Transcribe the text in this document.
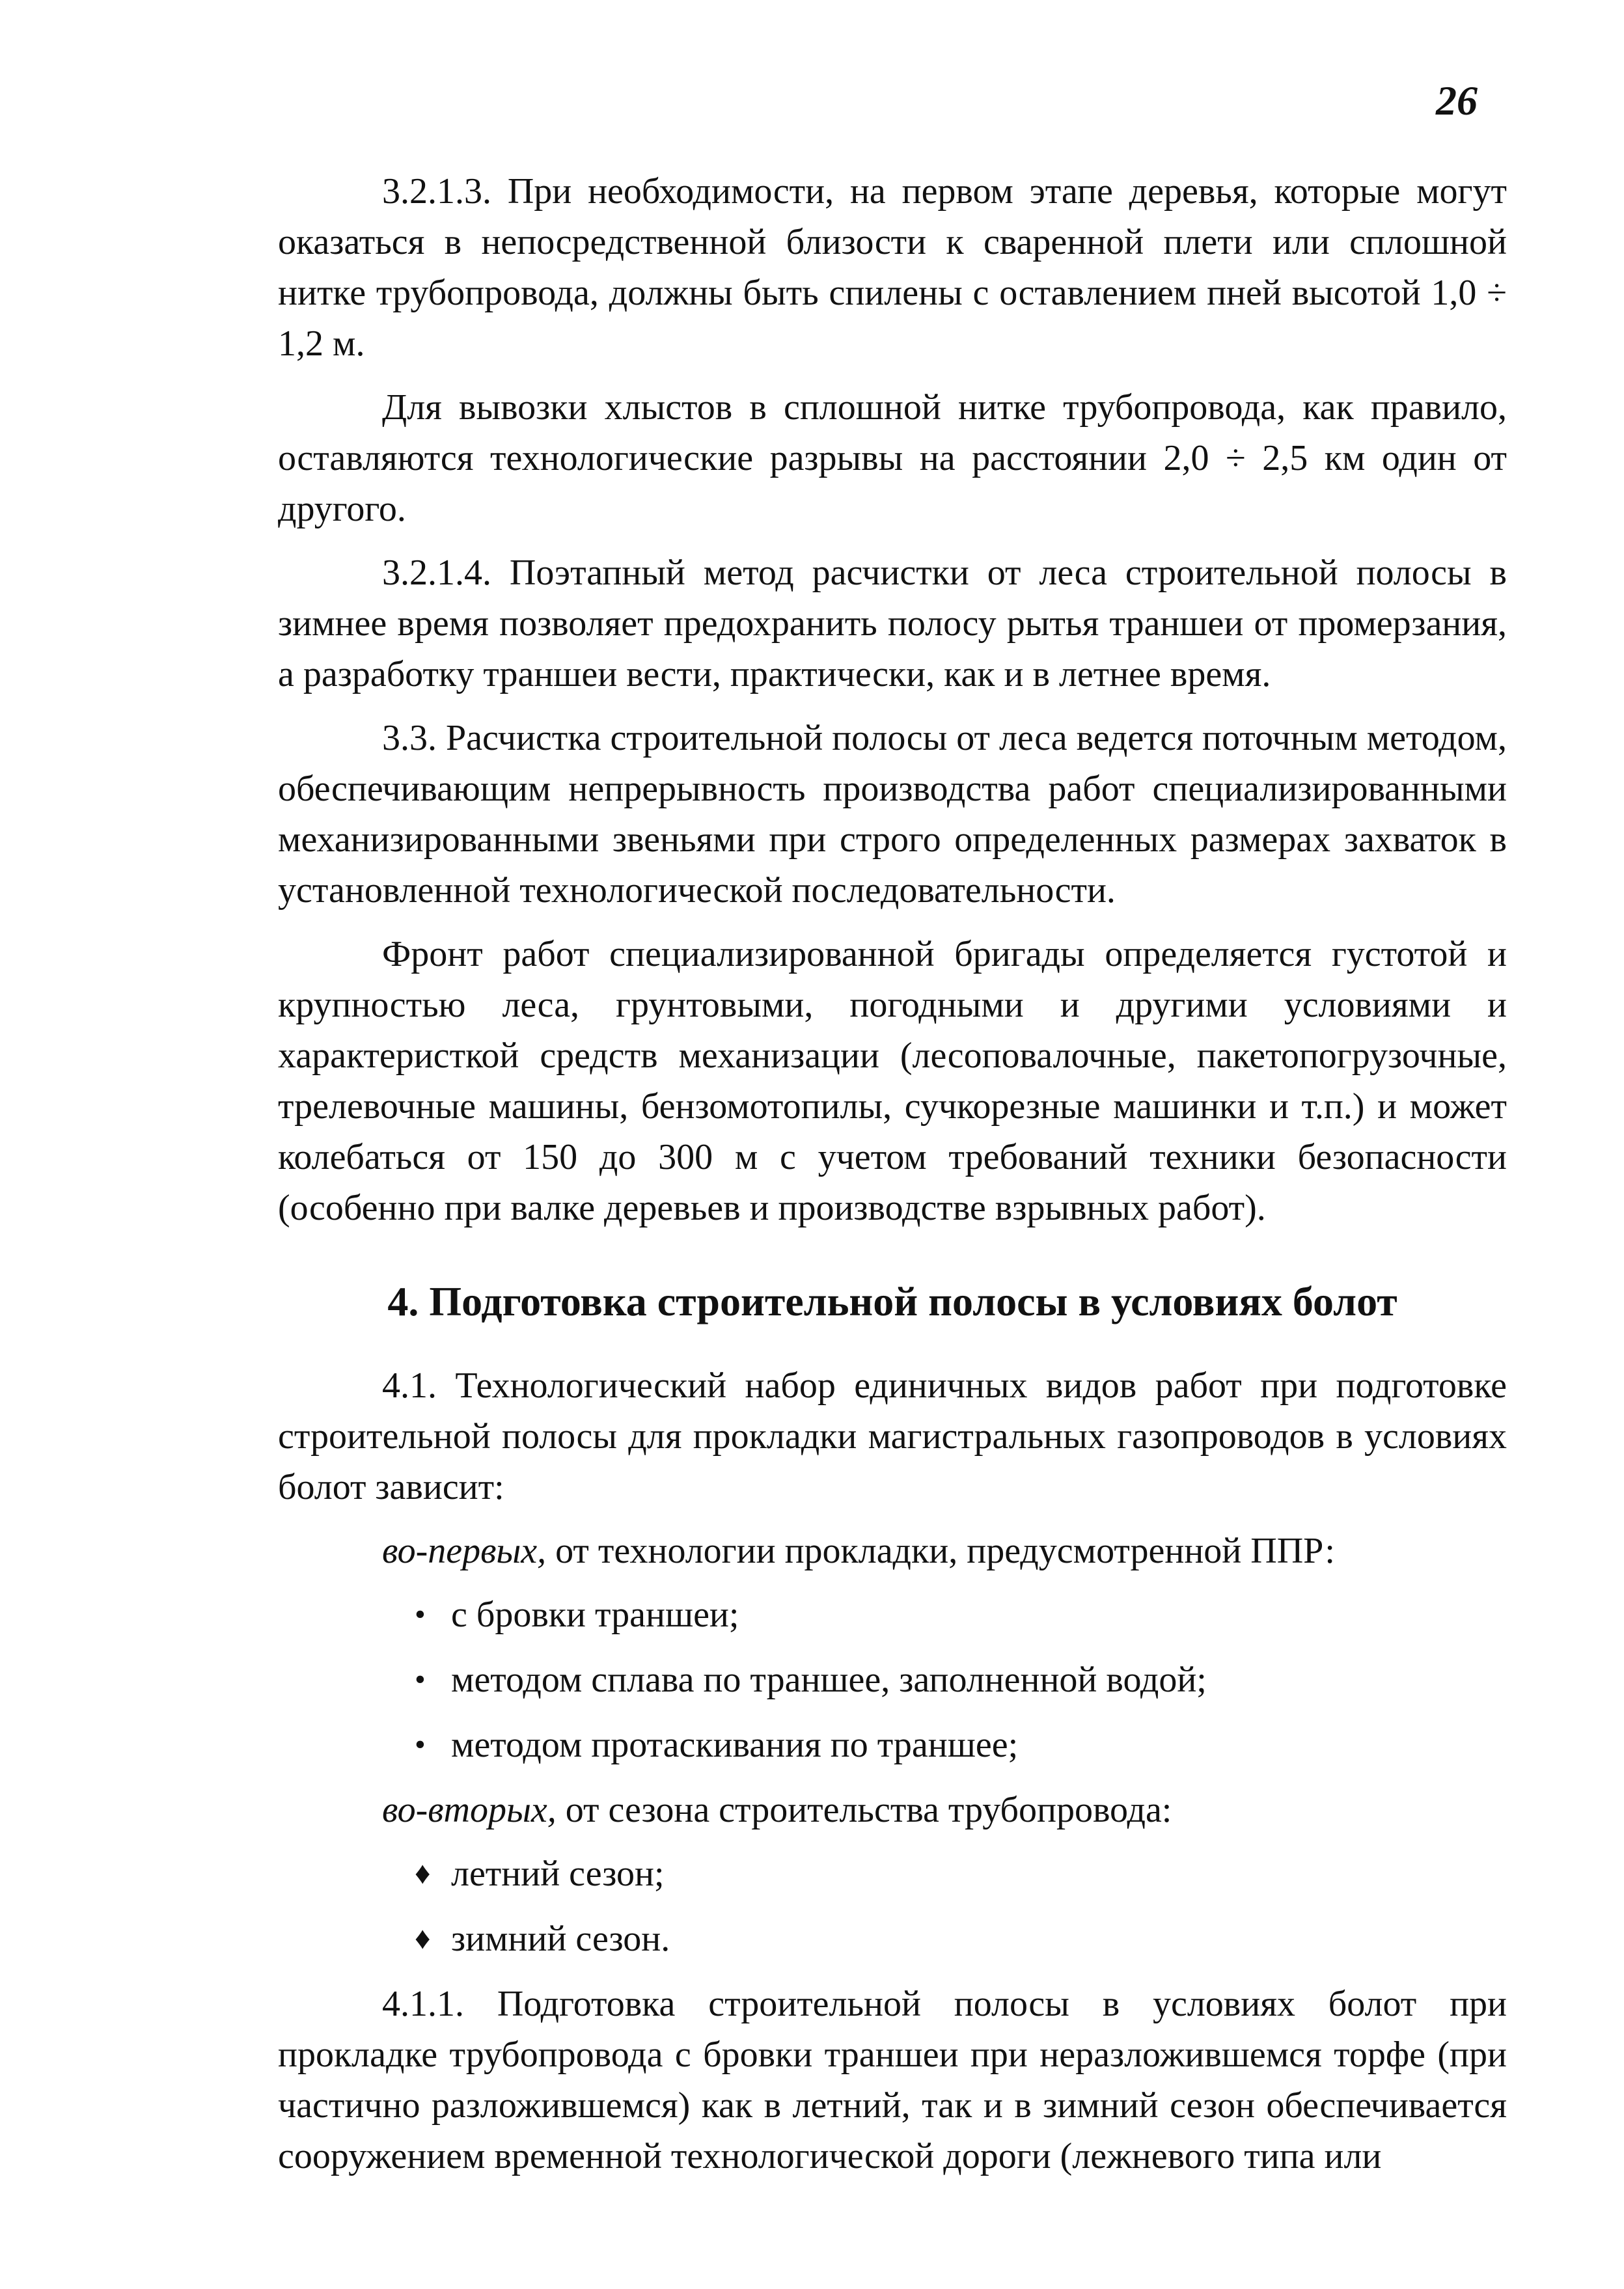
26

3.2.1.3. При необходимости, на первом этапе деревья, которые могут оказаться в непосредственной близости к сваренной плети или сплошной нитке трубопровода, должны быть спилены с оставлением пней высотой 1,0 ÷ 1,2 м.

Для вывозки хлыстов в сплошной нитке трубопровода, как правило, оставляются технологические разрывы на расстоянии 2,0 ÷ 2,5 км один от другого.

3.2.1.4. Поэтапный метод расчистки от леса строительной полосы в зимнее время позволяет предохранить полосу рытья траншеи от промерзания, а разработку траншеи вести, практически, как и в летнее время.

3.3. Расчистка строительной полосы от леса ведется поточным методом, обеспечивающим непрерывность производства работ специализированными механизированными звеньями при строго определенных размерах захваток в установленной технологической последовательности.

Фронт работ специализированной бригады определяется густотой и крупностью леса, грунтовыми, погодными и другими условиями и характеристкой средств механизации (лесоповалочные, пакетопогрузочные, трелевочные машины, бензомотопилы, сучкорезные машинки и т.п.) и может колебаться от 150 до 300 м с учетом требований техники безопасности (особенно при валке деревьев и производстве взрывных работ).

4. Подготовка строительной полосы в условиях болот

4.1. Технологический набор единичных видов работ при подготовке строительной полосы для прокладки магистральных газопроводов в условиях болот зависит:

во-первых, от технологии прокладки, предусмотренной ППР:

• с бровки траншеи;
• методом сплава по траншее, заполненной водой;
• методом протаскивания по траншее;

во-вторых, от сезона строительства трубопровода:

♦ летний сезон;
♦ зимний сезон.

4.1.1. Подготовка строительной полосы в условиях болот при прокладке трубопровода с бровки траншеи при неразложившемся торфе (при частично разложившемся) как в летний, так и в зимний сезон обеспечивается сооружением временной технологической дороги (лежневого типа или
